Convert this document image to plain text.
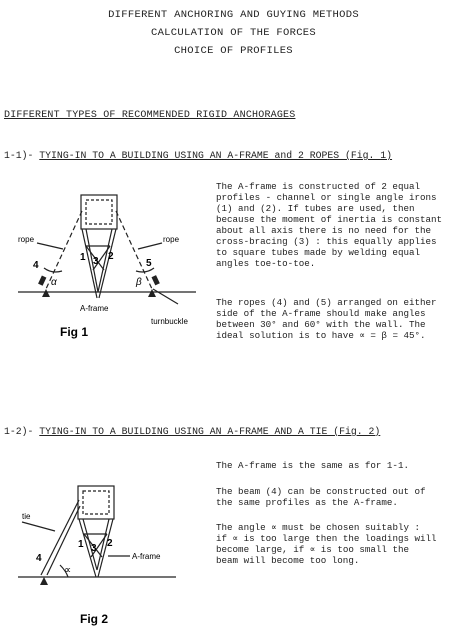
DIFFERENT ANCHORING AND GUYING METHODS
CALCULATION OF THE FORCES
CHOICE OF PROFILES
DIFFERENT TYPES OF RECOMMENDED RIGID ANCHORAGES
1-1)- TYING-IN TO A BUILDING USING AN A-FRAME and 2 ROPES (Fig. 1)
The A-frame is constructed of 2 equal
profiles - channel or single angle irons
(1) and (2). If tubes are used, then
because the moment of inertia is constant
about all axis there is no need for the
cross-bracing (3) : this equally applies
to square tubes made by welding equal
angles toe-to-toe.
The ropes (4) and (5) arranged on either
side of the A-frame should make angles
between 30° and 60° with the wall. The
ideal solution is to have ∝ = β = 45°.
rope	rope
1 3 2
4	5
α	β
A-frame
turnbuckle
Fig 1
tie
1 3 2
4
∝
A-frame
Fig 2
1-2)- TYING-IN TO A BUILDING USING AN A-FRAME AND A TIE (Fig. 2)
The A-frame is the same as for 1-1.
The beam (4) can be constructed out of
the same profiles as the A-frame.
The angle ∝ must be chosen suitably :
if ∝ is too large then the loadings will
become large, if ∝ is too small the
beam will become too long.
